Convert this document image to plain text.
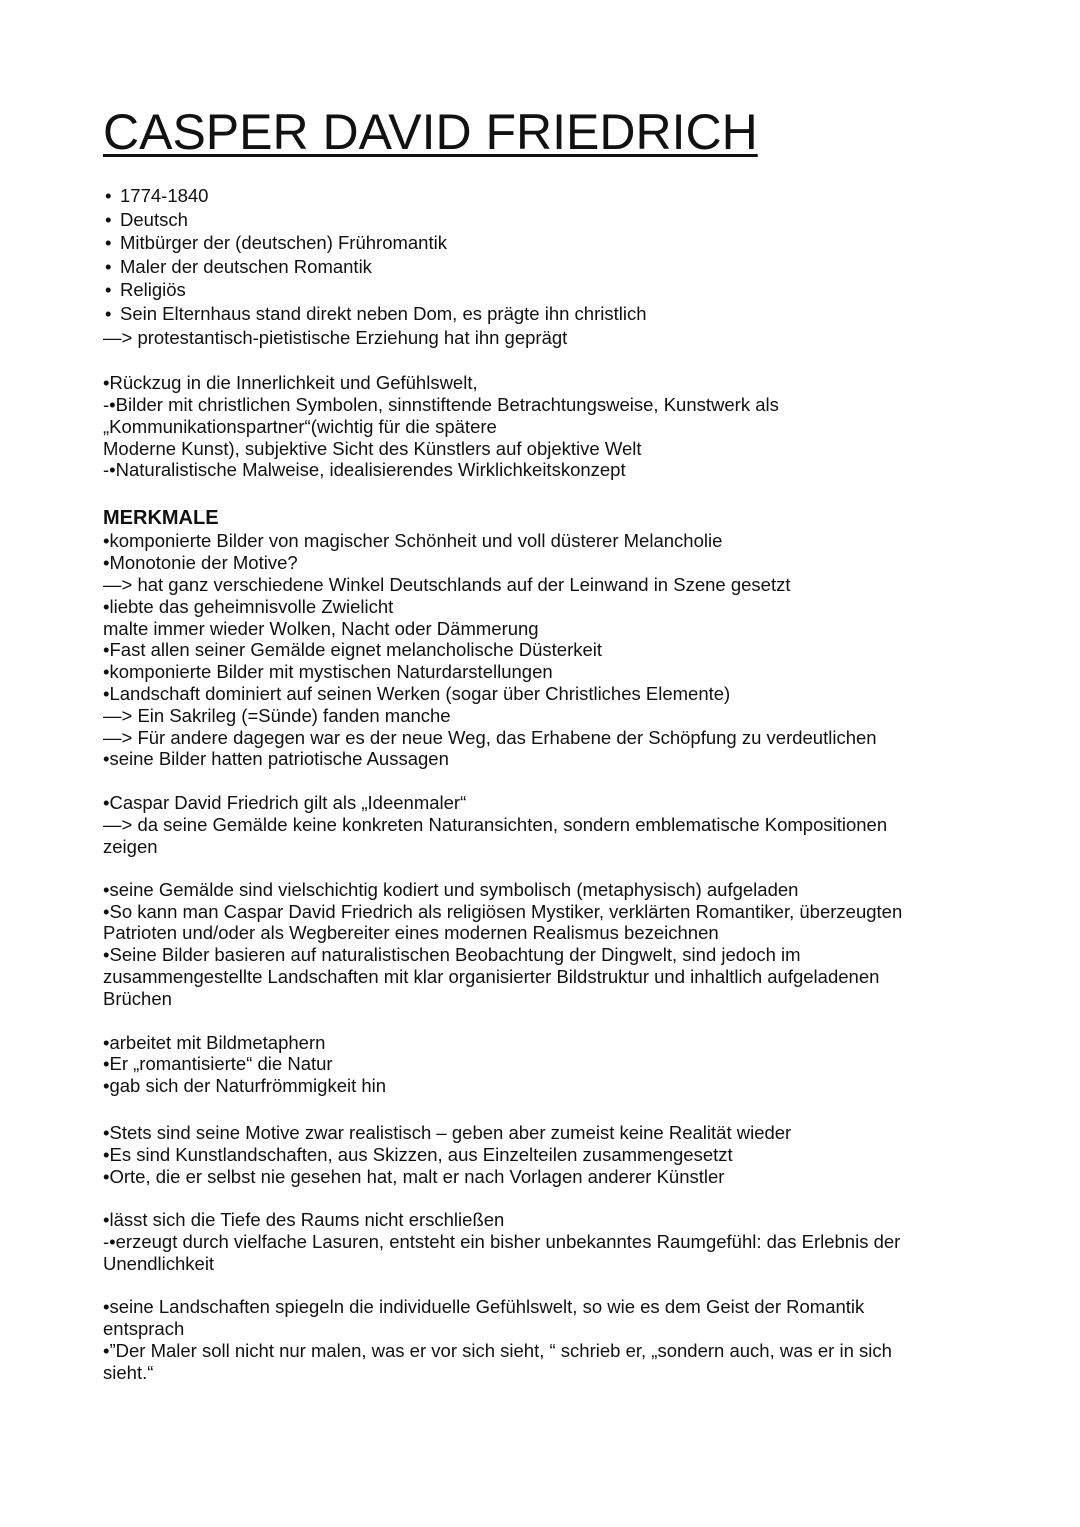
CASPER DAVID FRIEDRICH
• 1774-1840

• Deutsch

• Mitbürger der (deutschen) Frühromantik

• Maler der deutschen Romantik

• Religiös

• Sein Elternhaus stand direkt neben Dom, es prägte ihn christlich

—> protestantisch-pietistische Erziehung hat ihn geprägt

•Rückzug in die Innerlichkeit und Gefühlswelt,

-•Bilder mit christlichen Symbolen, sinnstiftende Betrachtungsweise, Kunstwerk als

„Kommunikationspartner“(wichtig für die spätere

Moderne Kunst), subjektive Sicht des Künstlers auf objektive Welt

-•Naturalistische Malweise, idealisierendes Wirklichkeitskonzept

MERKMALE

•komponierte Bilder von magischer Schönheit und voll düsterer Melancholie

•Monotonie der Motive?

—> hat ganz verschiedene Winkel Deutschlands auf der Leinwand in Szene gesetzt

•liebte das geheimnisvolle Zwielicht

malte immer wieder Wolken, Nacht oder Dämmerung

•Fast allen seiner Gemälde eignet melancholische Düsterkeit

•komponierte Bilder mit mystischen Naturdarstellungen

•Landschaft dominiert auf seinen Werken (sogar über Christliches Elemente)

—> Ein Sakrileg (=Sünde) fanden manche

—> Für andere dagegen war es der neue Weg, das Erhabene der Schöpfung zu verdeutlichen

•seine Bilder hatten patriotische Aussagen

•Caspar David Friedrich gilt als „Ideenmaler“

—> da seine Gemälde keine konkreten Naturansichten, sondern emblematische Kompositionen

zeigen

•seine Gemälde sind vielschichtig kodiert und symbolisch (metaphysisch) aufgeladen

•So kann man Caspar David Friedrich als religiösen Mystiker, verklärten Romantiker, überzeugten

Patrioten und/oder als Wegbereiter eines modernen Realismus bezeichnen

•Seine Bilder basieren auf naturalistischen Beobachtung der Dingwelt, sind jedoch im

zusammengestellte Landschaften mit klar organisierter Bildstruktur und inhaltlich aufgeladenen

Brüchen

•arbeitet mit Bildmetaphern

•Er „romantisierte“ die Natur

•gab sich der Naturfrömmigkeit hin

•Stets sind seine Motive zwar realistisch – geben aber zumeist keine Realität wieder

•Es sind Kunstlandschaften, aus Skizzen, aus Einzelteilen zusammengesetzt

•Orte, die er selbst nie gesehen hat, malt er nach Vorlagen anderer Künstler

•lässt sich die Tiefe des Raums nicht erschließen

-•erzeugt durch vielfache Lasuren, entsteht ein bisher unbekanntes Raumgefühl: das Erlebnis der

Unendlichkeit

•seine Landschaften spiegeln die individuelle Gefühlswelt, so wie es dem Geist der Romantik

entsprach

•”Der Maler soll nicht nur malen, was er vor sich sieht, “ schrieb er, „sondern auch, was er in sich

sieht.“
